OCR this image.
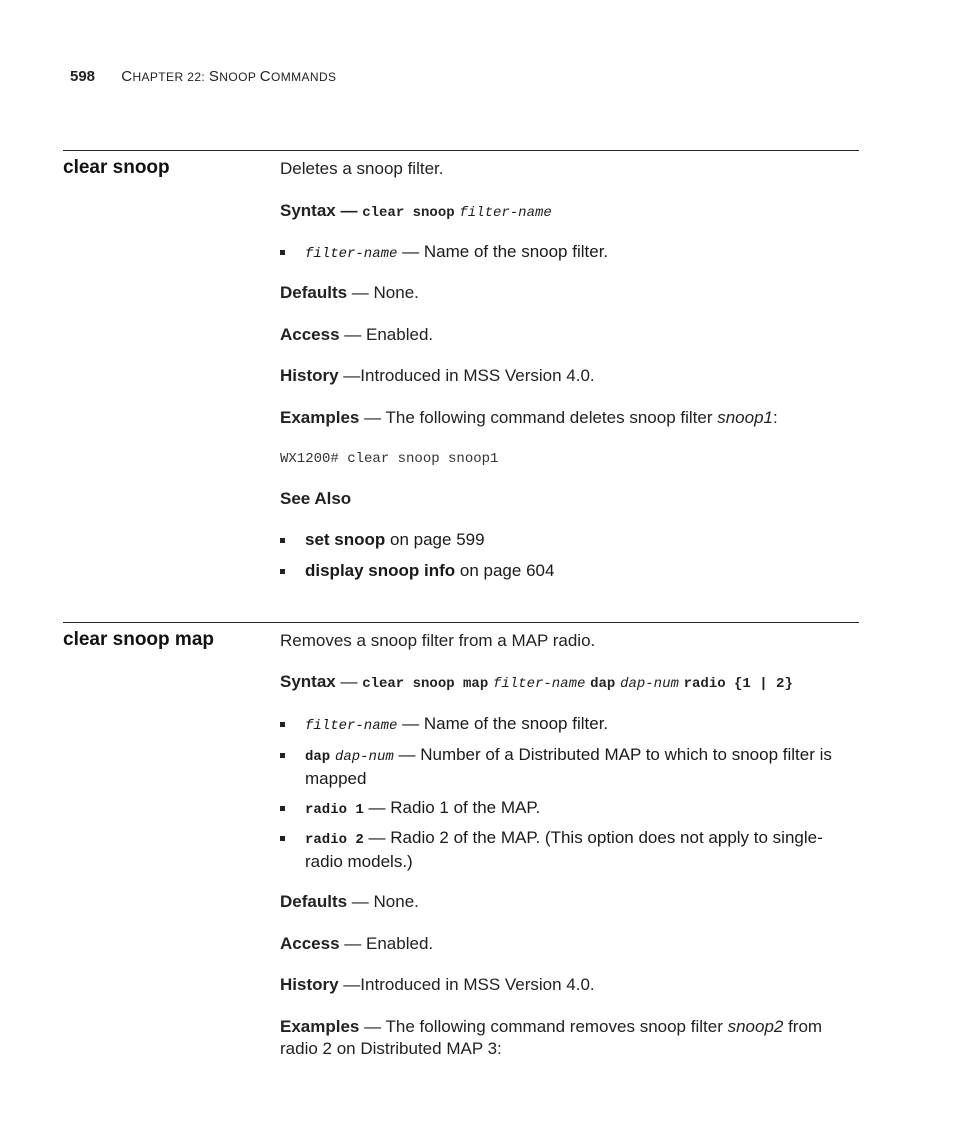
598 CHAPTER 22: SNOOP COMMANDS
clear snoop	Deletes a snoop filter.
Syntax — clear snoop filter-name
filter-name — Name of the snoop filter.
Defaults — None.
Access — Enabled.
History —Introduced in MSS Version 4.0.
Examples — The following command deletes snoop filter snoop1:
WX1200# clear snoop snoop1
See Also
set snoop on page 599
display snoop info on page 604
clear snoop map	Removes a snoop filter from a MAP radio.
Syntax — clear snoop map filter-name dap dap-num radio {1 | 2}
filter-name — Name of the snoop filter.
dap dap-num — Number of a Distributed MAP to which to snoop filter is mapped
radio 1 — Radio 1 of the MAP.
radio 2 — Radio 2 of the MAP. (This option does not apply to single-radio models.)
Defaults — None.
Access — Enabled.
History —Introduced in MSS Version 4.0.
Examples — The following command removes snoop filter snoop2 from radio 2 on Distributed MAP 3:
